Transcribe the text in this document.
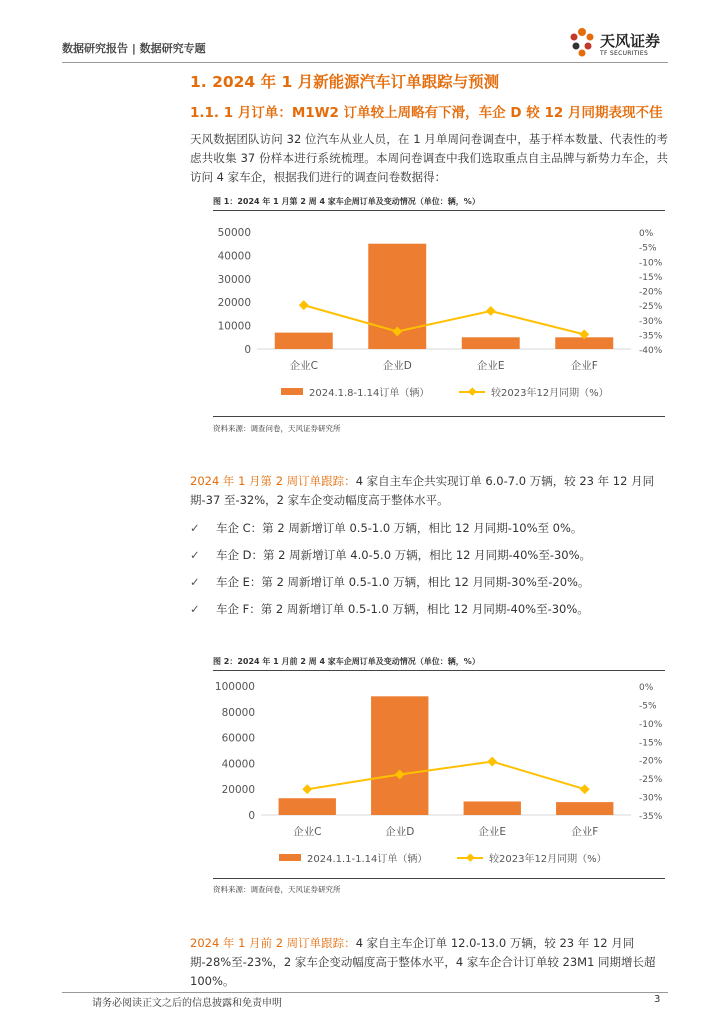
数据研究报告 | 数据研究专题	天风证券
TF SECURITIES
1. 2024 年 1 月新能源汽车订单跟踪与预测
1.1. 1 月订单：M1W2 订单较上周略有下滑，车企 D 较 12 月同期表现不佳
天风数据团队访问 32 位汽车从业人员，在 1 月单周问卷调查中，基于样本数量、代表性的考虑共收集 37 份样本进行系统梳理。本周问卷调查中我们选取重点自主品牌与新势力车企，共访问 4 家车企，根据我们进行的调查问卷数据得：
图 1：2024 年 1 月第 2 周 4 家车企周订单及变动情况（单位：辆，%）
50000
40000
30000
20000
10000
0
0%
-5%
-10%
-15%
-20%
-25%
-30%
-35%
-40%
企业C	企业D	企业E	企业F
2024.1.8-1.14订单（辆）	较2023年12月同期（%）
资料来源：调查问卷，天风证券研究所
2024 年 1 月第 2 周订单跟踪：4 家自主车企共实现订单 6.0-7.0 万辆，较 23 年 12 月同期-37 至-32%，2 家车企变动幅度高于整体水平。
✓ 车企 C：第 2 周新增订单 0.5-1.0 万辆，相比 12 月同期-10%至 0%。
✓ 车企 D：第 2 周新增订单 4.0-5.0 万辆，相比 12 月同期-40%至-30%。
✓ 车企 E：第 2 周新增订单 0.5-1.0 万辆，相比 12 月同期-30%至-20%。
✓ 车企 F：第 2 周新增订单 0.5-1.0 万辆，相比 12 月同期-40%至-30%。
图 2：2024 年 1 月前 2 周 4 家车企周订单及变动情况（单位：辆，%）
100000
80000
60000
40000
20000
0
0%
-5%
-10%
-15%
-20%
-25%
-30%
-35%
企业C	企业D	企业E	企业F
2024.1.1-1.14订单（辆）	较2023年12月同期（%）
资料来源：调查问卷，天风证券研究所
2024 年 1 月前 2 周订单跟踪：4 家自主车企订单 12.0-13.0 万辆，较 23 年 12 月同期-28%至-23%，2 家车企变动幅度高于整体水平，4 家车企合计订单较 23M1 同期增长超 100%。
请务必阅读正文之后的信息披露和免责申明	3
